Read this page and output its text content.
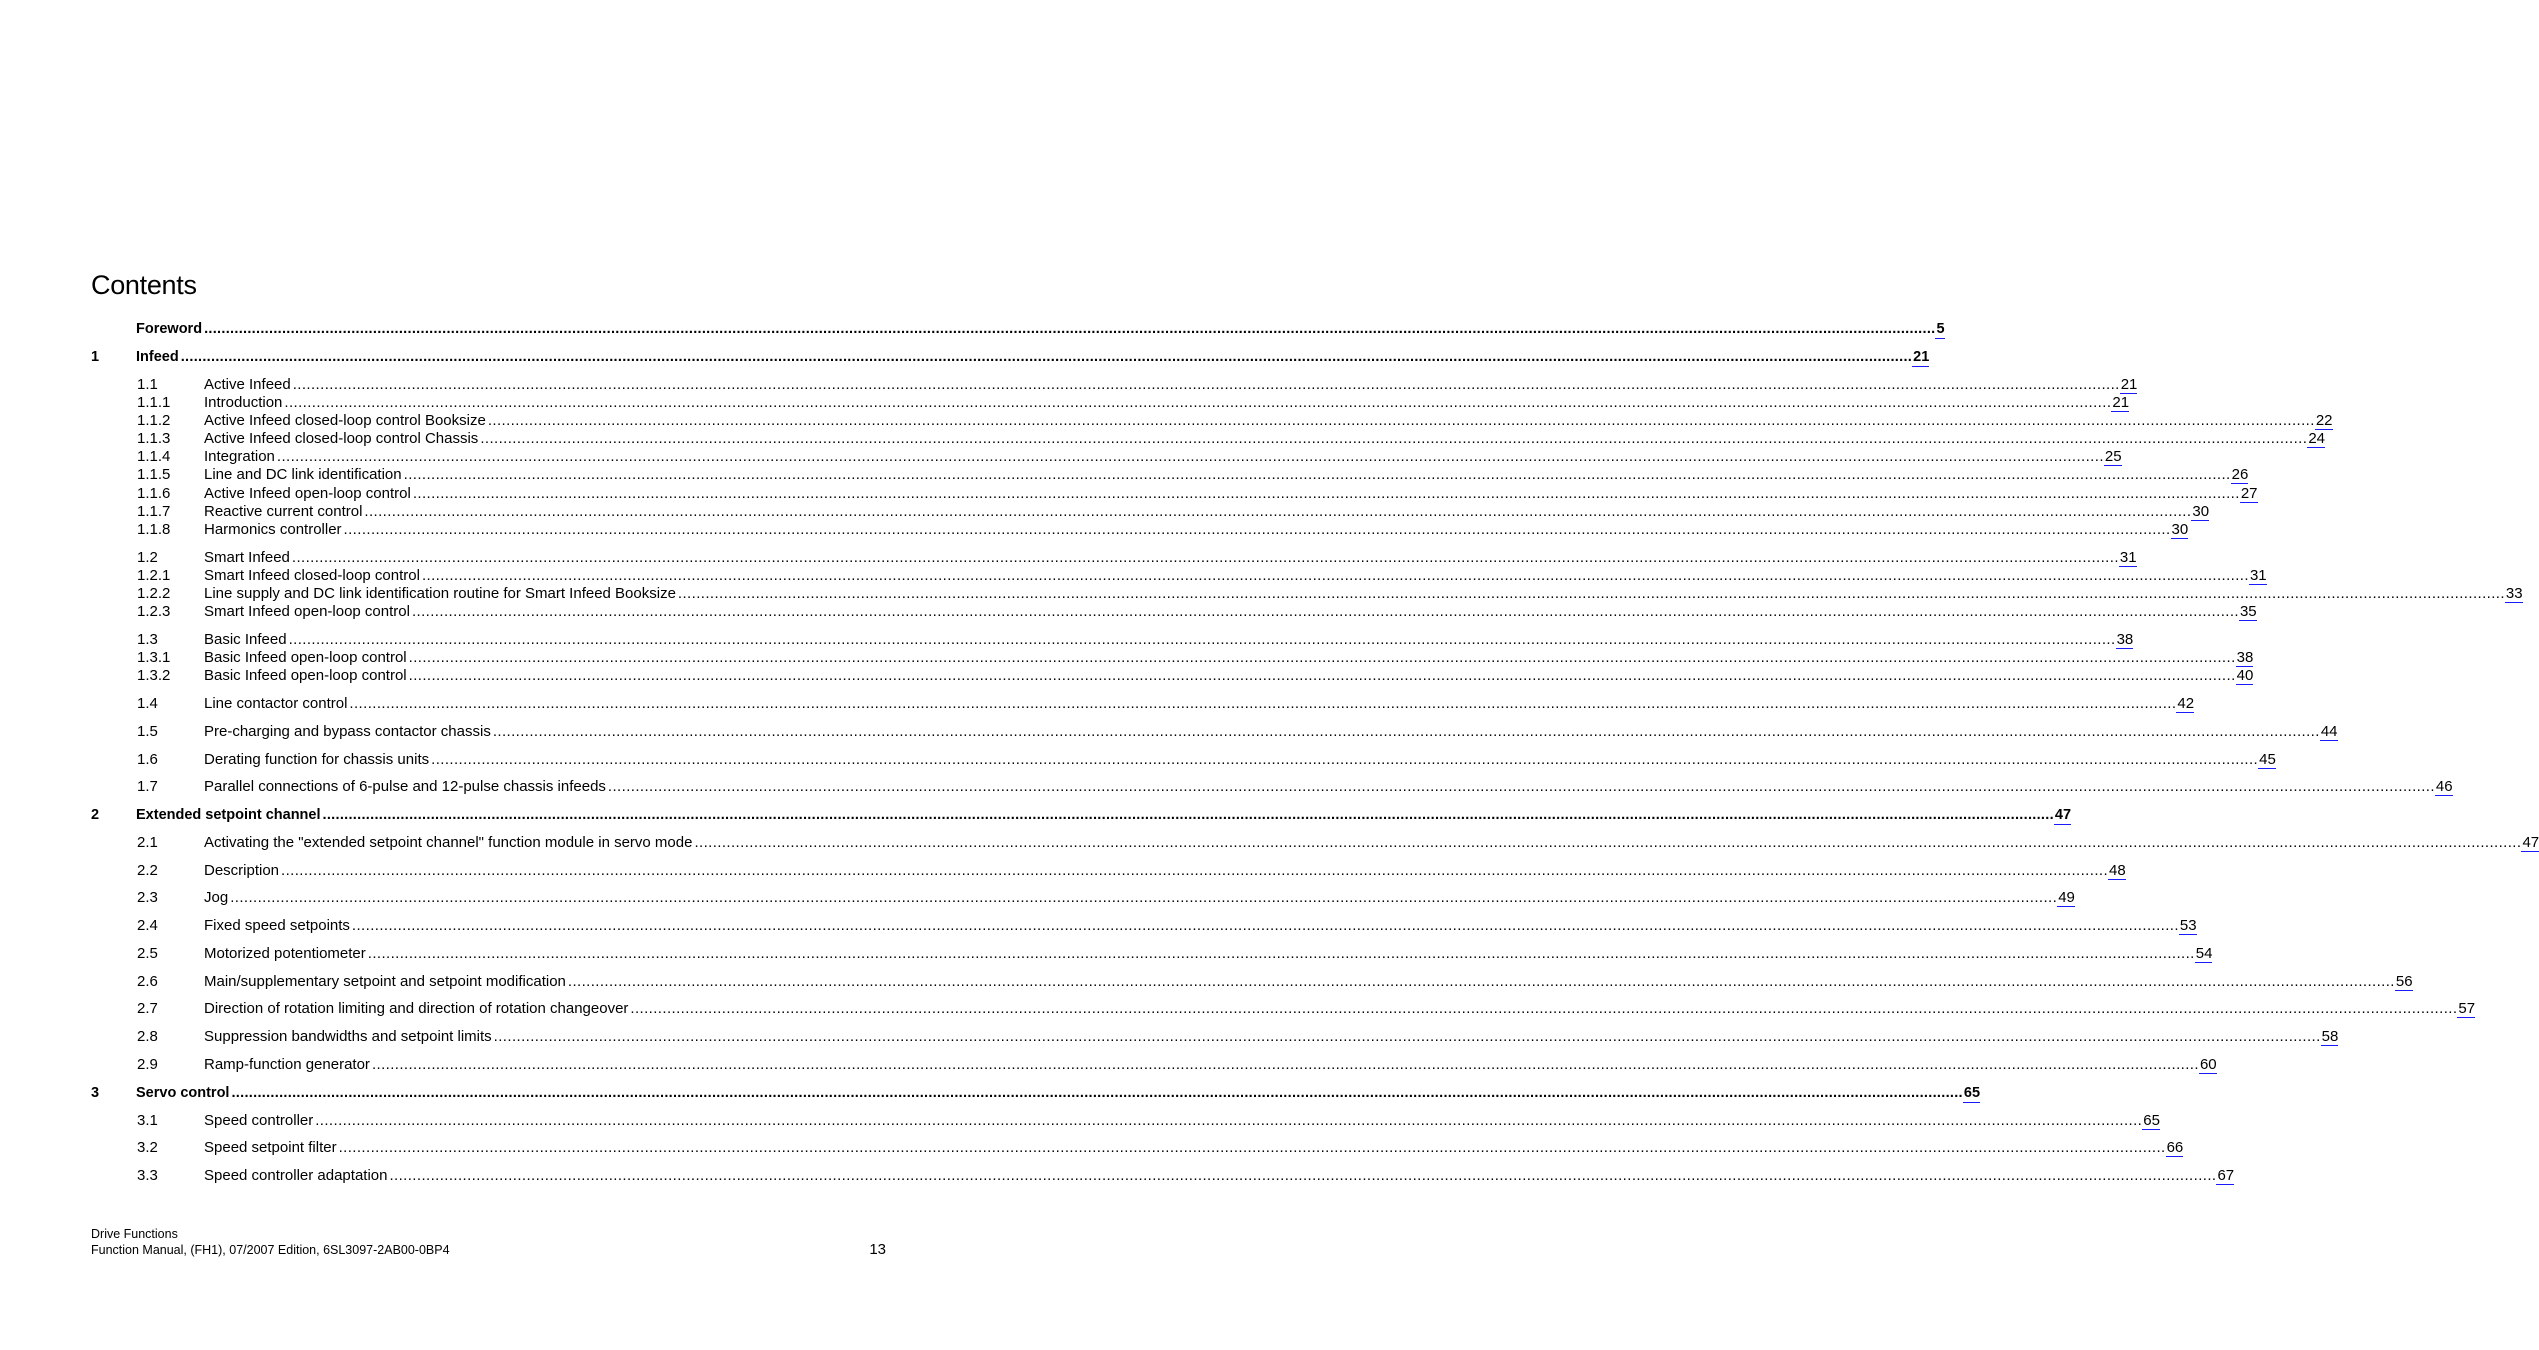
Contents
Foreword ................................................................................................................................................................................................................................................................................................................................................................................................................ 5
1	Infeed ................................................................................................................................................................................................................................................................................................................................................................................................................ 21
1.1	Active Infeed ................................................................................................................................................................................................................................................................................................................................................................................................................ 21
1.1.1 Introduction ................................................................................................................................................................................................................................................................................................................................................................................................................ 21
1.1.2 Active Infeed closed-loop control Booksize ................................................................................................................................................................................................................................................................................................................................................................................................................ 22
1.1.3 Active Infeed closed-loop control Chassis ................................................................................................................................................................................................................................................................................................................................................................................................................ 24
1.1.4 Integration ................................................................................................................................................................................................................................................................................................................................................................................................................ 25
1.1.5 Line and DC link identification ................................................................................................................................................................................................................................................................................................................................................................................................................ 26
1.1.6 Active Infeed open-loop control ................................................................................................................................................................................................................................................................................................................................................................................................................ 27
1.1.7 Reactive current control ................................................................................................................................................................................................................................................................................................................................................................................................................ 30
1.1.8 Harmonics controller ................................................................................................................................................................................................................................................................................................................................................................................................................ 30
1.2	Smart Infeed ................................................................................................................................................................................................................................................................................................................................................................................................................ 31
1.2.1 Smart Infeed closed-loop control ................................................................................................................................................................................................................................................................................................................................................................................................................ 31
1.2.2 Line supply and DC link identification routine for Smart Infeed Booksize ................................................................................................................................................................................................................................................................................................................................................................................................................ 33
1.2.3 Smart Infeed open-loop control ................................................................................................................................................................................................................................................................................................................................................................................................................ 35
1.3	Basic Infeed ................................................................................................................................................................................................................................................................................................................................................................................................................ 38
1.3.1 Basic Infeed open-loop control ................................................................................................................................................................................................................................................................................................................................................................................................................ 38
1.3.2 Basic Infeed open-loop control ................................................................................................................................................................................................................................................................................................................................................................................................................ 40
1.4	Line contactor control ................................................................................................................................................................................................................................................................................................................................................................................................................ 42
1.5	Pre-charging and bypass contactor chassis ................................................................................................................................................................................................................................................................................................................................................................................................................ 44
1.6	Derating function for chassis units ................................................................................................................................................................................................................................................................................................................................................................................................................ 45
1.7	Parallel connections of 6-pulse and 12-pulse chassis infeeds ................................................................................................................................................................................................................................................................................................................................................................................................................ 46
2	Extended setpoint channel ................................................................................................................................................................................................................................................................................................................................................................................................................ 47
2.1	Activating the "extended setpoint channel" function module in servo mode ................................................................................................................................................................................................................................................................................................................................................................................................................ 47
2.2	Description ................................................................................................................................................................................................................................................................................................................................................................................................................ 48
2.3	Jog ................................................................................................................................................................................................................................................................................................................................................................................................................ 49
2.4	Fixed speed setpoints ................................................................................................................................................................................................................................................................................................................................................................................................................ 53
2.5	Motorized potentiometer ................................................................................................................................................................................................................................................................................................................................................................................................................ 54
2.6	Main/supplementary setpoint and setpoint modification ................................................................................................................................................................................................................................................................................................................................................................................................................ 56
2.7	Direction of rotation limiting and direction of rotation changeover ................................................................................................................................................................................................................................................................................................................................................................................................................ 57
2.8	Suppression bandwidths and setpoint limits ................................................................................................................................................................................................................................................................................................................................................................................................................ 58
2.9	Ramp-function generator ................................................................................................................................................................................................................................................................................................................................................................................................................ 60
3	Servo control ................................................................................................................................................................................................................................................................................................................................................................................................................ 65
3.1	Speed controller ................................................................................................................................................................................................................................................................................................................................................................................................................ 65
3.2	Speed setpoint filter ................................................................................................................................................................................................................................................................................................................................................................................................................ 66
3.3	Speed controller adaptation ................................................................................................................................................................................................................................................................................................................................................................................................................ 67
Drive Functions
Function Manual, (FH1), 07/2007 Edition, 6SL3097-2AB00-0BP4	13
